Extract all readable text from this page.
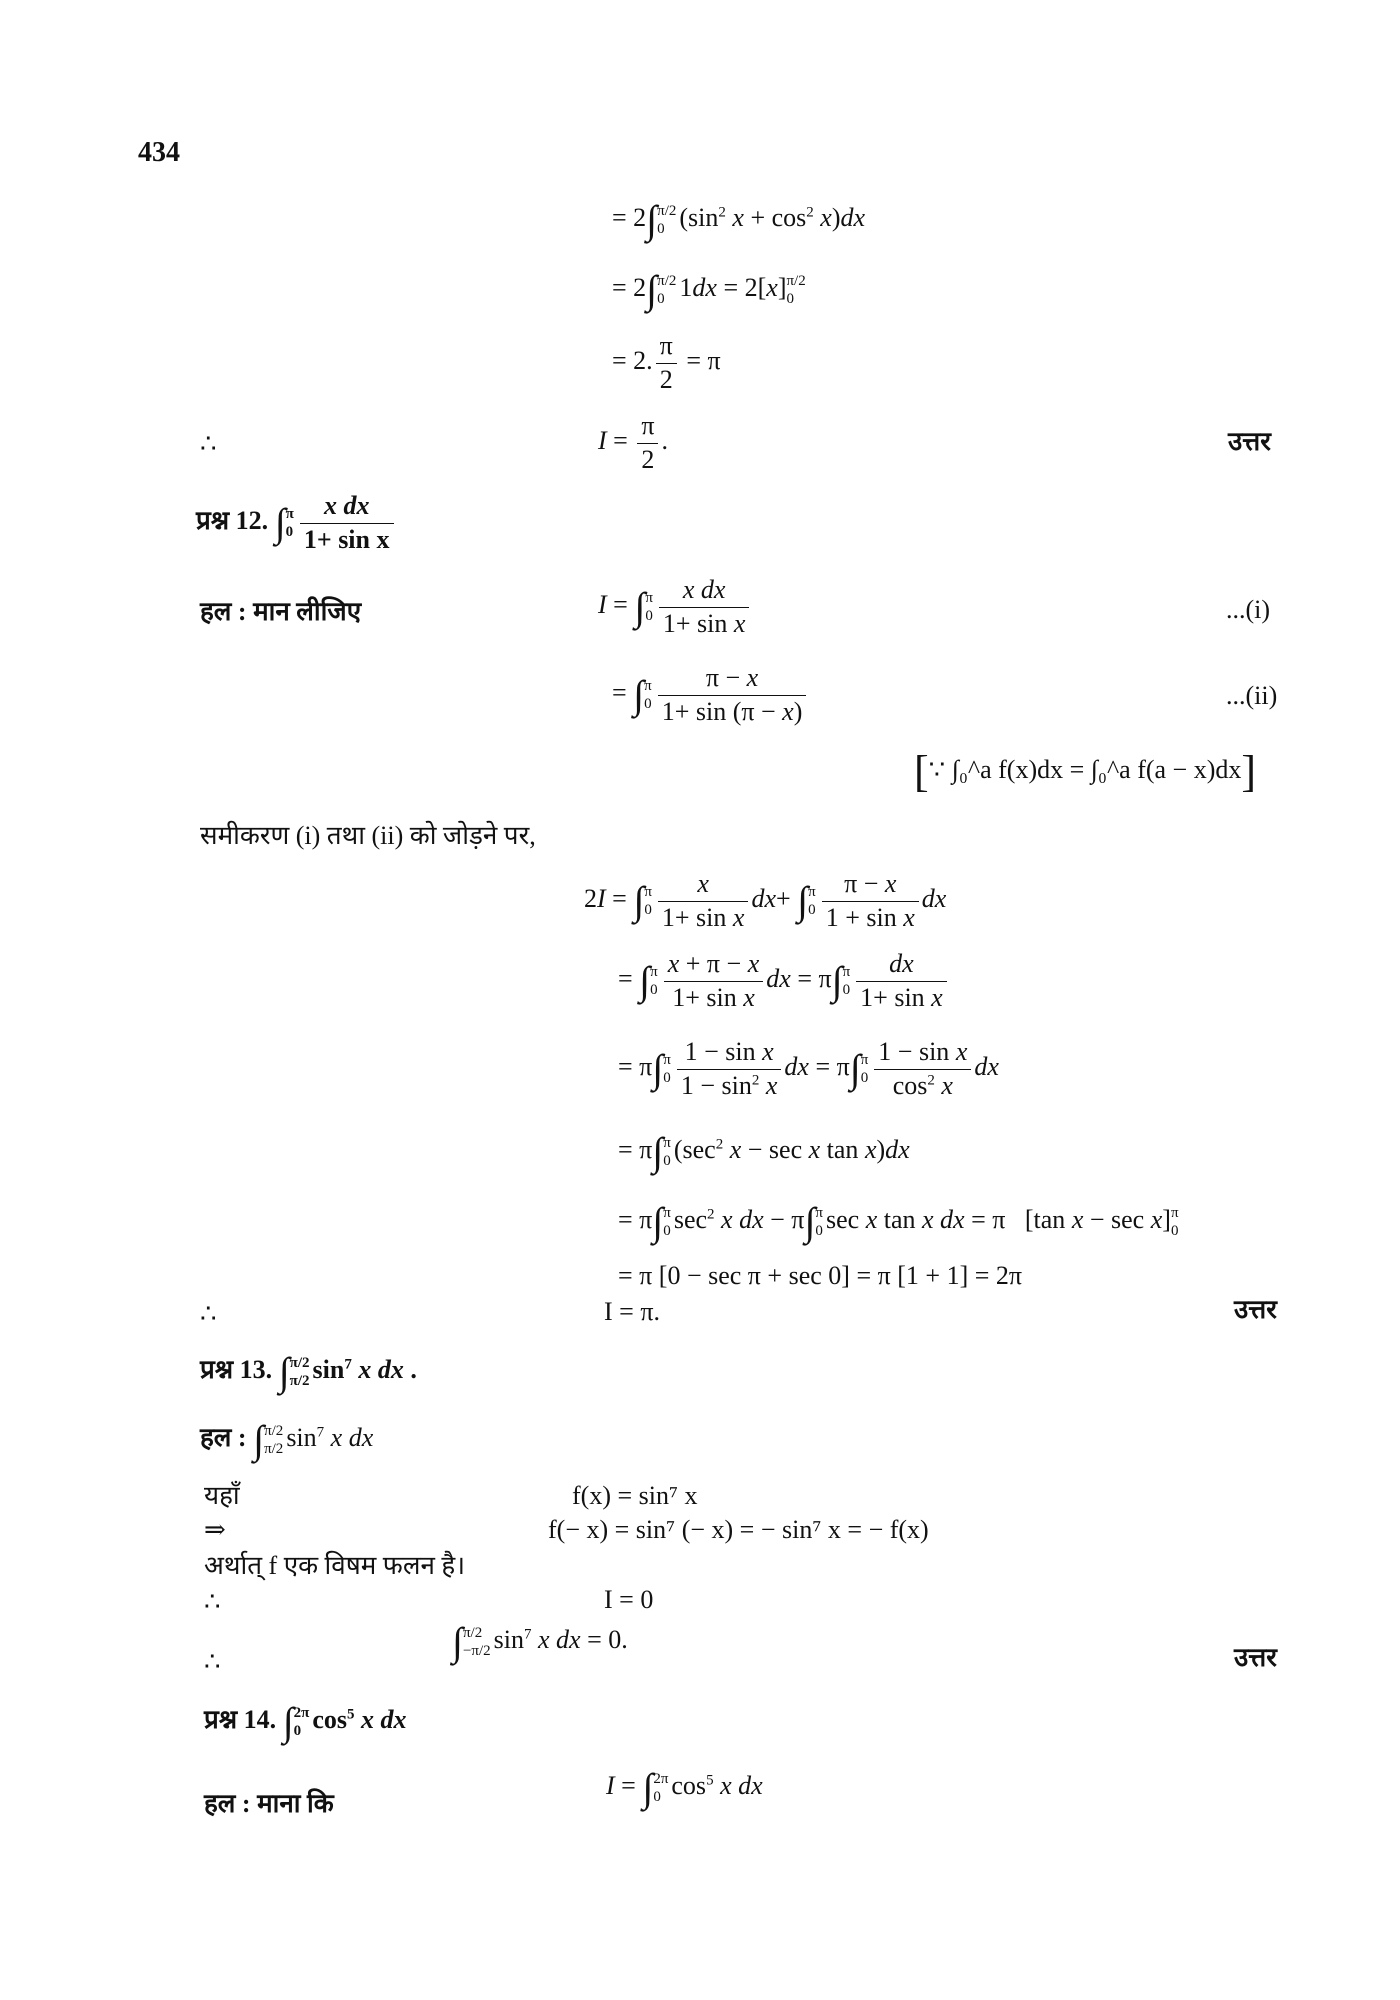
434
= 2∫ π/2
0 ($\sin^2$ $x + \cos^2 x)dx$
= 2∫ π/2
0 1dx = 2[x] π/2
0
= 2. $\frac{\pi}{2} = \pi$
∴	$I = \frac{\pi}{2}$ .	उत्तर
प्रश्न 12. ∫ π
$0 \frac{\text{x dx}}{\text{1+ sin x}}$
हल : मान लीजिए	I = ∫ π
$0 \frac{\text{x dx}}{\text{1+ sin x}}$	...(i)
= ∫ π
$0 \frac{\pi - x}{1+ \sin (\pi - x)}$	...(ii)
[∵ ∫₀^a f(x)dx = ∫₀^a f(a − x)dx]
समीकरण (i) तथा (ii) को जोड़ने पर,
2I = ∫ π
$0 \frac{x}{\text{1+ sin x}} dx+$ ∫ π
$0 \frac{\pi - x}{\text{1 + sin x}}$ dx
= ∫ π
$0 \frac{x + \pi - x}{\text{1+ sin x}}$ dx = π∫ π
$0 \frac{dx}{\text{1+ sin x}}$
= π∫ π
$0 \frac{\text{1 − sin x}}{1 - \sin^2 x}$ dx = π∫ π
$0 \frac{\text{1 − sin x}}{\cos^2 x}$ dx
= π∫ π
0 ($\sec^2$ x − sec x tan x)dx
= π∫ π
0 $\sec^2 x$ dx − π∫ π
0 sec x tan x dx = π   [tan x − sec x] π
0
= π [0 − sec π + sec 0] = π [1 + 1] = 2π
∴	I = π.	उत्तर
प्रश्न 13. ∫ π/2
π/2 $\sin^7 x$ dx .
हल : ∫ π/2
π/2 $\sin^7 x$ dx
यहाँ	f(x) = sin⁷ x
⇒	f(− x) = sin⁷ (− x) = − sin⁷ x = − f(x)
अर्थात् f एक विषम फलन है।
∴	I = 0
∴	∫ π/2
−π/2 $\sin^7 x$ dx = 0.
उत्तर
प्रश्न 14. ∫ 2π
0 $\cos^5 x$ dx
हल : माना कि
I = ∫ 2π
0 $\cos^5 x$ dx
